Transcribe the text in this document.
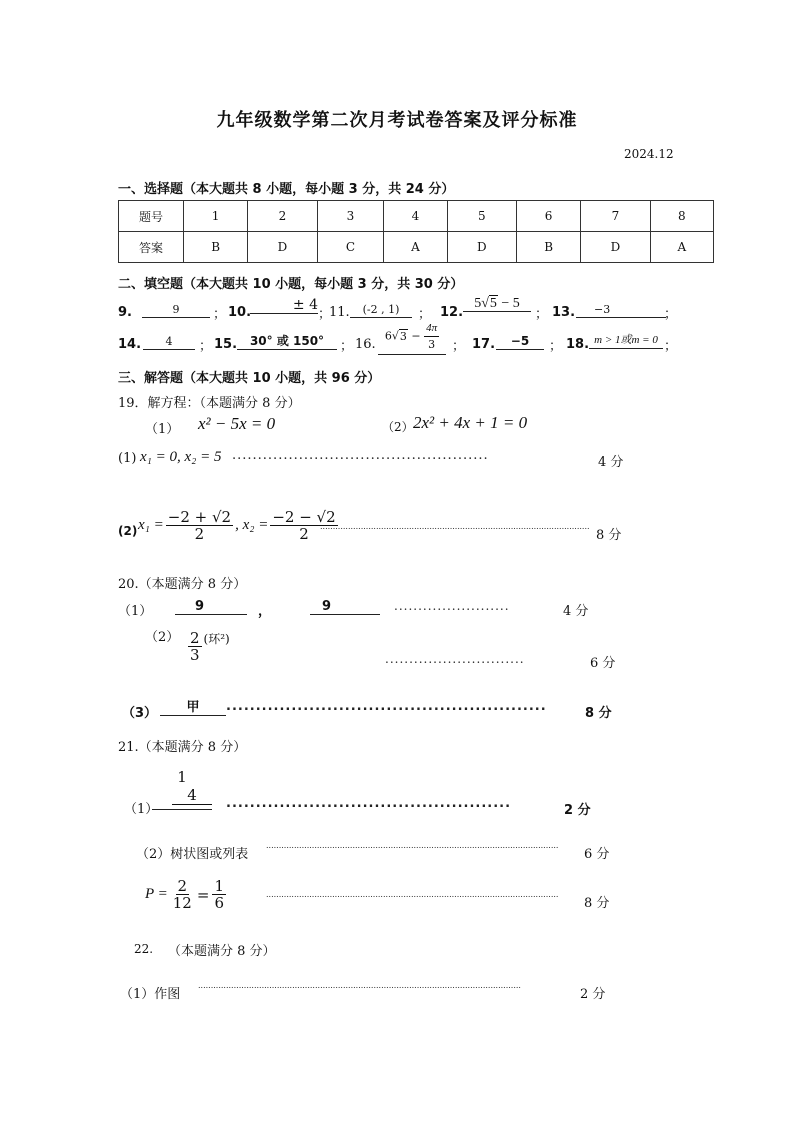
九年级数学第二次月考试卷答案及评分标准
2024.12
一、选择题（本大题共 8 小题，每小题 3 分，共 24 分）
题号	1	2	3	4	5	6	7	8
答案	B	D	C	A	D	B	D	A
二、填空题（本大题共 10 小题，每小题 3 分，共 30 分）
9.	9	； 10.	± 4
；
11.	(-2 , 1)	； 12.
5√5 − 5
； 13.	−3	；
14.	4	； 15.	30° 或 150°	； 16.
$6√3 - \frac{4\pi}{3}$ ； 17.	−5	； 18. m > 1或m = 0 ；
三、解答题（本大题共 10 小题，共 96 分）
19．解方程：（本题满分 8 分）
（1） x² − 5x = 0	（2） 2x² + 4x + 1 = 0
(1) x₁ = 0, x₂ = 5 ..................................................	4 分
(2) $x_1 = \frac{-2 + √2}{2}$ , $x_2 = \frac{-2 - √2}{2}$
..........................................................................................................
8 分
20.（本题满分 8 分）
（1）	9	，	9	........................	4 分
$(2) \frac{2}{3}$ (环²)
.............................	6 分
（3）	甲	......................................................	8 分
21.（本题满分 8 分）
（1）
1
4	................................................	2 分
（2）树状图或列表
...................................................................................................................
6 分
$P = \frac{2}{12} = \frac{1}{6}$	...................................................................................................................
8 分
22. （本题满分 8 分）
（1）作图
...............................................................................................................................
2 分
